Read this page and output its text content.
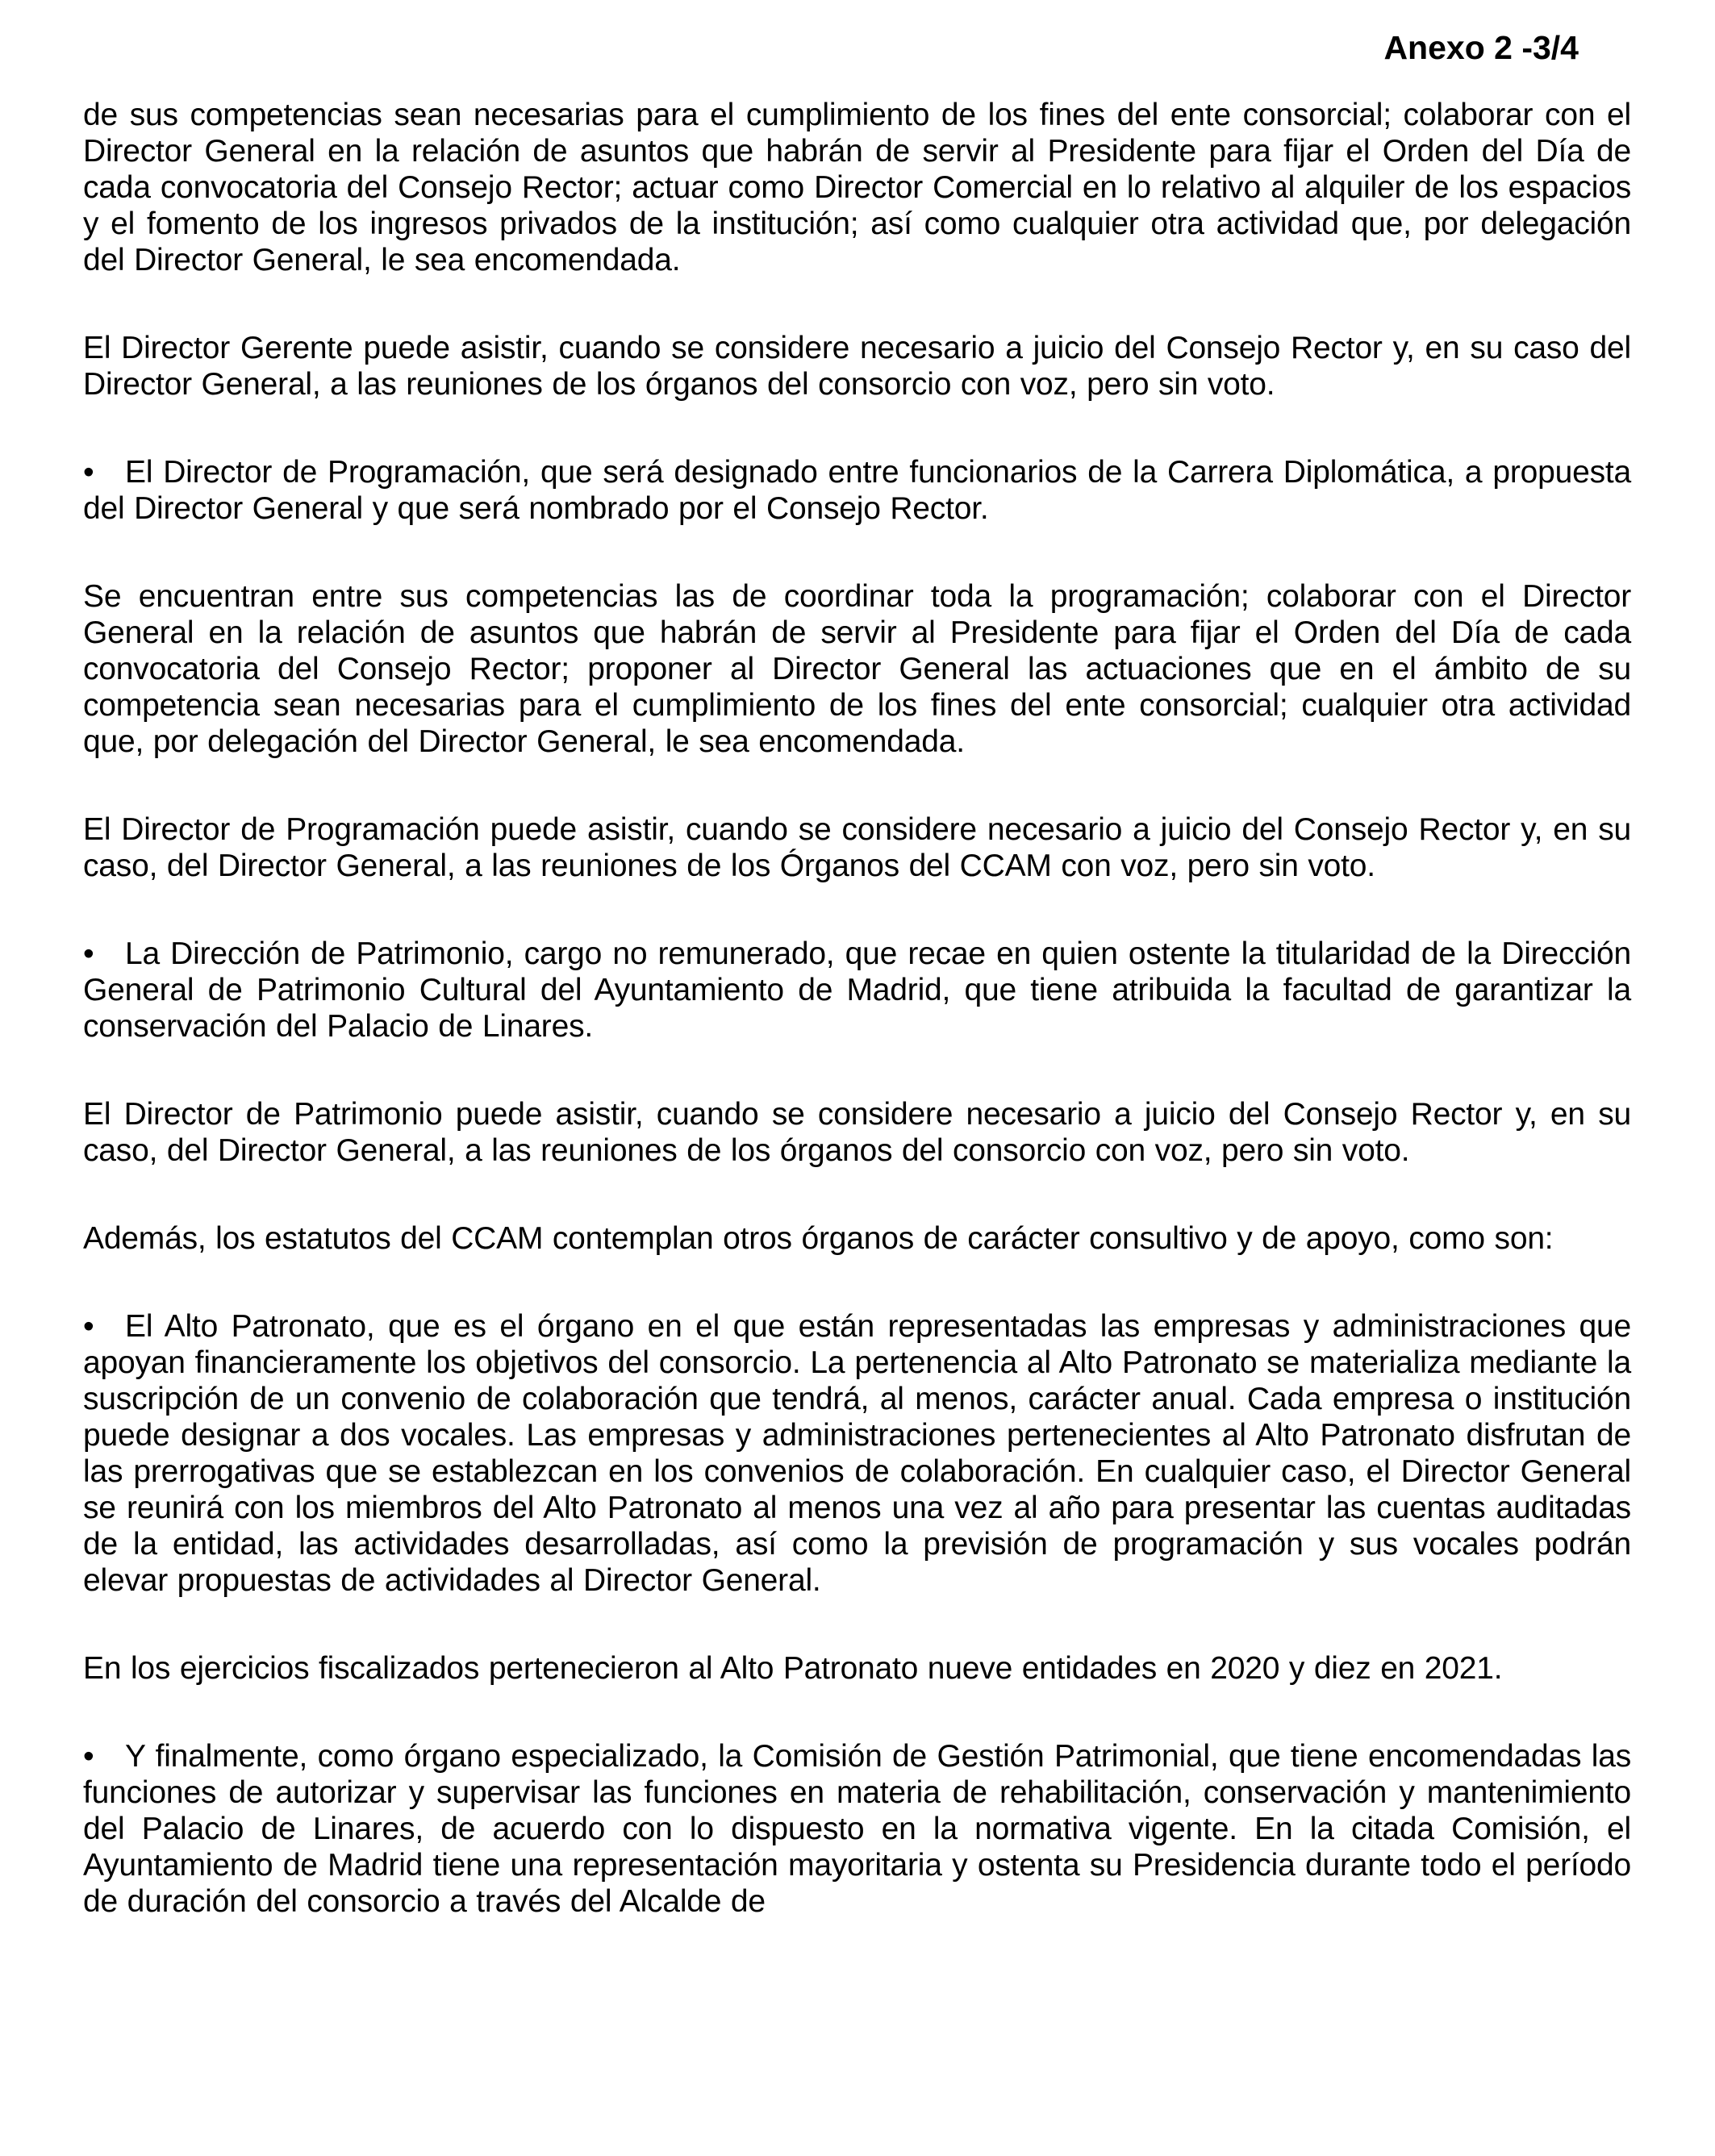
Anexo 2 -3/4

de sus competencias sean necesarias para el cumplimiento de los fines del ente consorcial; colaborar con el Director General en la relación de asuntos que habrán de servir al Presidente para fijar el Orden del Día de cada convocatoria del Consejo Rector; actuar como Director Comercial en lo relativo al alquiler de los espacios y el fomento de los ingresos privados de la institución; así como cualquier otra actividad que, por delegación del Director General, le sea encomendada.

El Director Gerente puede asistir, cuando se considere necesario a juicio del Consejo Rector y, en su caso del Director General, a las reuniones de los órganos del consorcio con voz, pero sin voto.

• El Director de Programación, que será designado entre funcionarios de la Carrera Diplomática, a propuesta del Director General y que será nombrado por el Consejo Rector.

Se encuentran entre sus competencias las de coordinar toda la programación; colaborar con el Director General en la relación de asuntos que habrán de servir al Presidente para fijar el Orden del Día de cada convocatoria del Consejo Rector; proponer al Director General las actuaciones que en el ámbito de su competencia sean necesarias para el cumplimiento de los fines del ente consorcial; cualquier otra actividad que, por delegación del Director General, le sea encomendada.

El Director de Programación puede asistir, cuando se considere necesario a juicio del Consejo Rector y, en su caso, del Director General, a las reuniones de los Órganos del CCAM con voz, pero sin voto.

• La Dirección de Patrimonio, cargo no remunerado, que recae en quien ostente la titularidad de la Dirección General de Patrimonio Cultural del Ayuntamiento de Madrid, que tiene atribuida la facultad de garantizar la conservación del Palacio de Linares.

El Director de Patrimonio puede asistir, cuando se considere necesario a juicio del Consejo Rector y, en su caso, del Director General, a las reuniones de los órganos del consorcio con voz, pero sin voto.

Además, los estatutos del CCAM contemplan otros órganos de carácter consultivo y de apoyo, como son:

• El Alto Patronato, que es el órgano en el que están representadas las empresas y administraciones que apoyan financieramente los objetivos del consorcio. La pertenencia al Alto Patronato se materializa mediante la suscripción de un convenio de colaboración que tendrá, al menos, carácter anual. Cada empresa o institución puede designar a dos vocales. Las empresas y administraciones pertenecientes al Alto Patronato disfrutan de las prerrogativas que se establezcan en los convenios de colaboración. En cualquier caso, el Director General se reunirá con los miembros del Alto Patronato al menos una vez al año para presentar las cuentas auditadas de la entidad, las actividades desarrolladas, así como la previsión de programación y sus vocales podrán elevar propuestas de actividades al Director General.

En los ejercicios fiscalizados pertenecieron al Alto Patronato nueve entidades en 2020 y diez en 2021.

• Y finalmente, como órgano especializado, la Comisión de Gestión Patrimonial, que tiene encomendadas las funciones de autorizar y supervisar las funciones en materia de rehabilitación, conservación y mantenimiento del Palacio de Linares, de acuerdo con lo dispuesto en la normativa vigente. En la citada Comisión, el Ayuntamiento de Madrid tiene una representación mayoritaria y ostenta su Presidencia durante todo el período de duración del consorcio a través del Alcalde de
